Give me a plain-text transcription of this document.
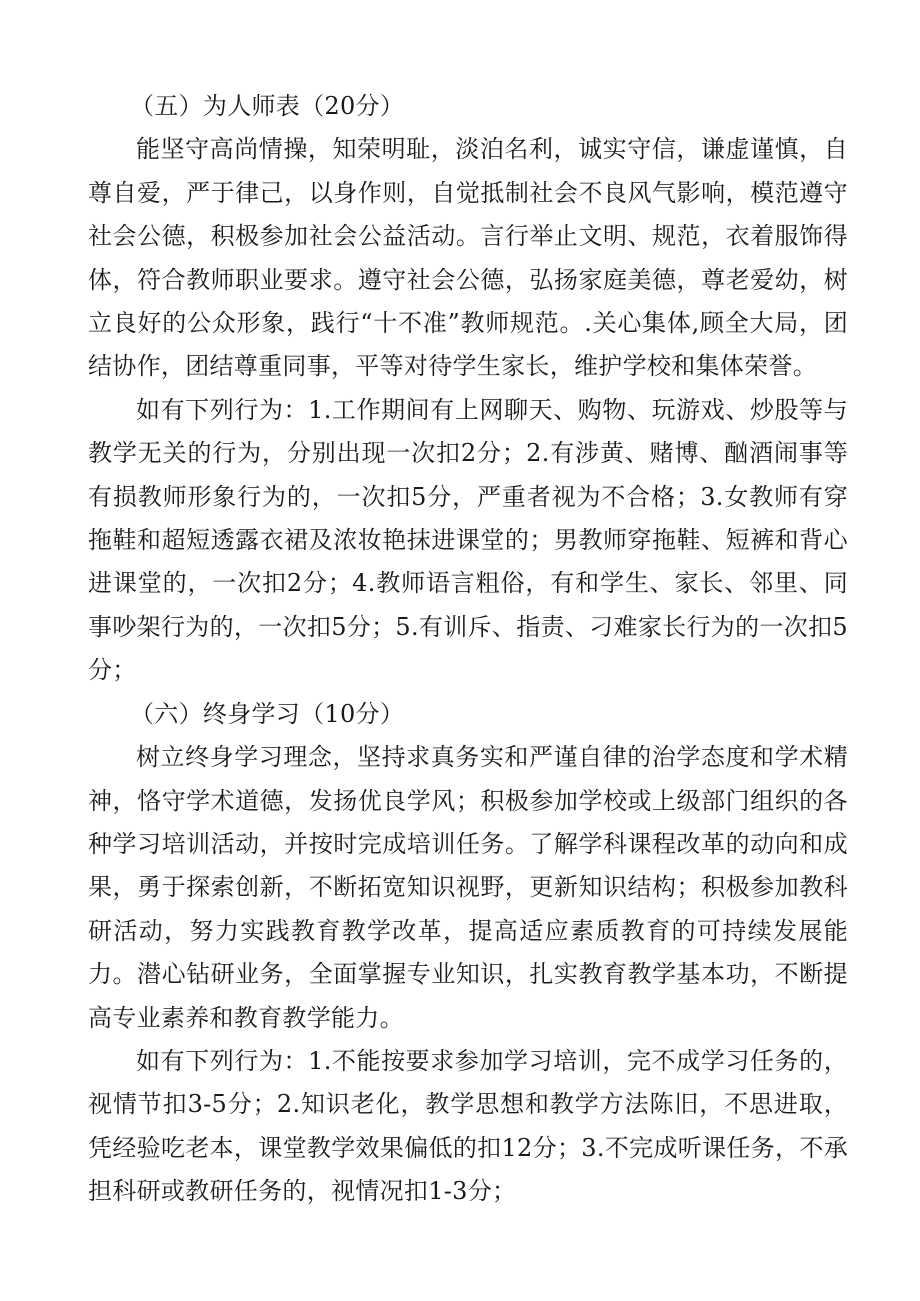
（五）为人师表（20分）

能坚守高尚情操，知荣明耻，淡泊名利，诚实守信，谦虚谨慎，自尊自爱，严于律己，以身作则，自觉抵制社会不良风气影响，模范遵守社会公德，积极参加社会公益活动。言行举止文明、规范，衣着服饰得体，符合教师职业要求。遵守社会公德，弘扬家庭美德，尊老爱幼，树立良好的公众形象，践行“十不准”教师规范。.关心集体,顾全大局，团结协作，团结尊重同事，平等对待学生家长，维护学校和集体荣誉。

如有下列行为：1.工作期间有上网聊天、购物、玩游戏、炒股等与教学无关的行为，分别出现一次扣2分；2.有涉黄、赌博、酗酒闹事等有损教师形象行为的，一次扣5分，严重者视为不合格；3.女教师有穿拖鞋和超短透露衣裙及浓妆艳抹进课堂的；男教师穿拖鞋、短裤和背心进课堂的，一次扣2分；4.教师语言粗俗，有和学生、家长、邻里、同事吵架行为的，一次扣5分；5.有训斥、指责、刁难家长行为的一次扣5分；

（六）终身学习（10分）

树立终身学习理念，坚持求真务实和严谨自律的治学态度和学术精神，恪守学术道德，发扬优良学风；积极参加学校或上级部门组织的各种学习培训活动，并按时完成培训任务。了解学科课程改革的动向和成果，勇于探索创新，不断拓宽知识视野，更新知识结构；积极参加教科研活动，努力实践教育教学改革，提高适应素质教育的可持续发展能力。潜心钻研业务，全面掌握专业知识，扎实教育教学基本功，不断提高专业素养和教育教学能力。

如有下列行为：1.不能按要求参加学习培训，完不成学习任务的，视情节扣3-5分；2.知识老化，教学思想和教学方法陈旧，不思进取，凭经验吃老本，课堂教学效果偏低的扣12分；3.不完成听课任务，不承担科研或教研任务的，视情况扣1-3分；
